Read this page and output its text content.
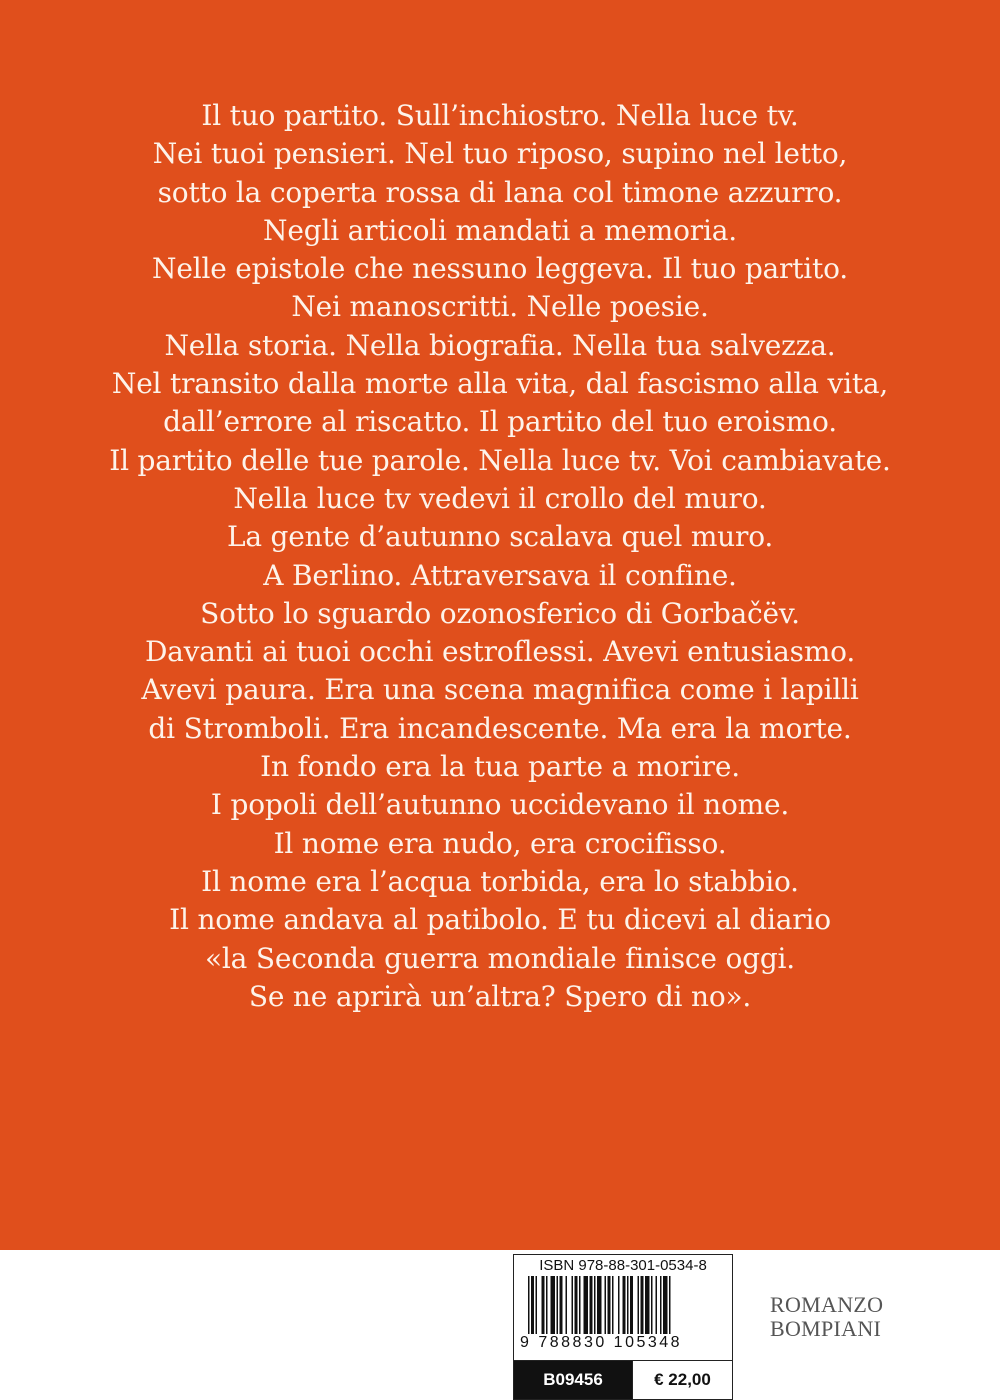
Il tuo partito. Sull’inchiostro. Nella luce tv.
Nei tuoi pensieri. Nel tuo riposo, supino nel letto,
sotto la coperta rossa di lana col timone azzurro.
Negli articoli mandati a memoria.
Nelle epistole che nessuno leggeva. Il tuo partito.
Nei manoscritti. Nelle poesie.
Nella storia. Nella biografia. Nella tua salvezza.
Nel transito dalla morte alla vita, dal fascismo alla vita,
dall’errore al riscatto. Il partito del tuo eroismo.
Il partito delle tue parole. Nella luce tv. Voi cambiavate.
Nella luce tv vedevi il crollo del muro.
La gente d’autunno scalava quel muro.
A Berlino. Attraversava il confine.
Sotto lo sguardo ozonosferico di Gorbačëv.
Davanti ai tuoi occhi estroflessi. Avevi entusiasmo.
Avevi paura. Era una scena magnifica come i lapilli
di Stromboli. Era incandescente. Ma era la morte.
In fondo era la tua parte a morire.
I popoli dell’autunno uccidevano il nome.
Il nome era nudo, era crocifisso.
Il nome era l’acqua torbida, era lo stabbio.
Il nome andava al patibolo. E tu dicevi al diario
«la Seconda guerra mondiale finisce oggi.
Se ne aprirà un’altra? Spero di no».
ISBN 978-88-301-0534-8
9 788830 105348
B09456	€ 22,00
ROMANZO
BOMPIANI
